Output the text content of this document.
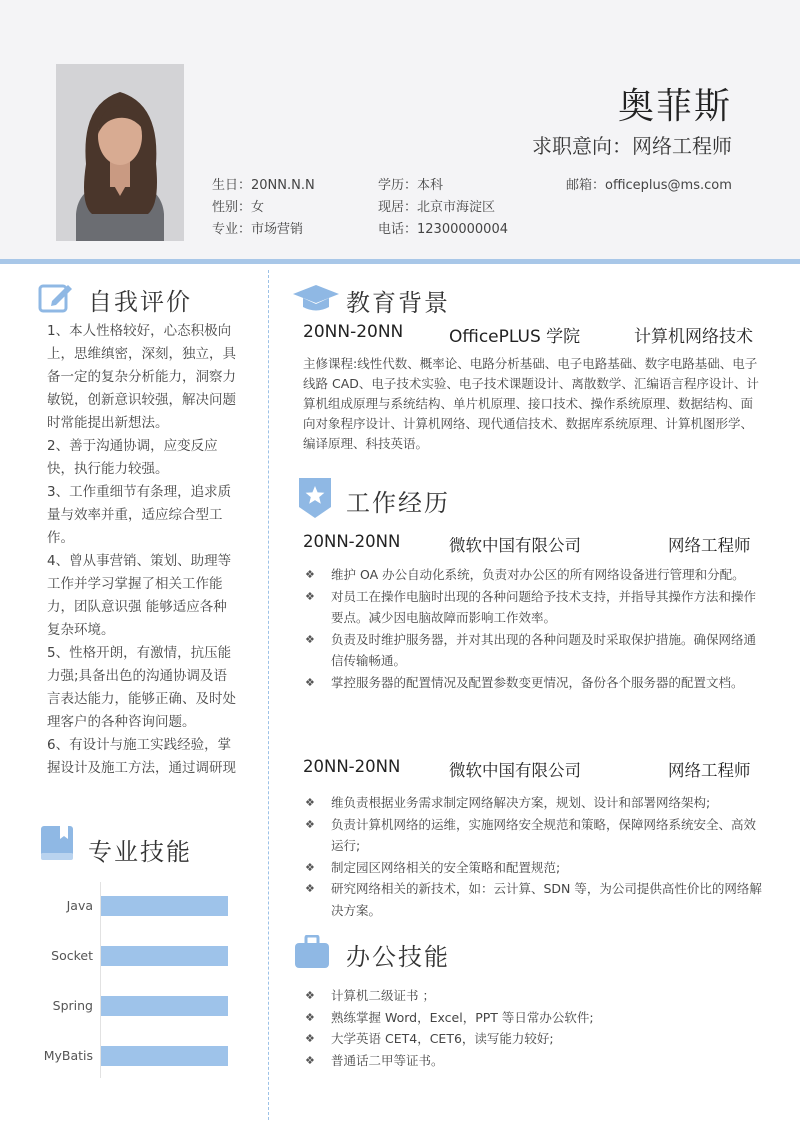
奥菲斯
求职意向：网络工程师
生日：20NN.N.N
性别：女
专业：市场营销
学历：本科
现居：北京市海淀区
电话：12300000004
邮箱：officeplus@ms.com
自我评价

1、本人性格较好，心态积极向上，思维缜密，深刻，独立，具备一定的复杂分析能力，洞察力敏锐，创新意识较强，解决问题时常能提出新想法。

2、善于沟通协调，应变反应快，执行能力较强。

3、工作重细节有条理，追求质量与效率并重，适应综合型工作。

4、曾从事营销、策划、助理等工作并学习掌握了相关工作能力，团队意识强 能够适应各种复杂环境。

5、性格开朗，有激情，抗压能力强;具备出色的沟通协调及语言表达能力，能够正确、及时处理客户的各种咨询问题。

6、有设计与施工实践经验，掌握设计及施工方法，通过调研现

专业技能
教育背景
20NN-20NN	OfficePLUS 学院	计算机网络技术
主修课程:线性代数、概率论、电路分析基础、电子电路基础、数字电路基础、电子线路 CAD、电子技术实验、电子技术课题设计、离散数学、汇编语言程序设计、计算机组成原理与系统结构、单片机原理、接口技术、操作系统原理、数据结构、面向对象程序设计、计算机网络、现代通信技术、数据库系统原理、计算机图形学、编译原理、科技英语。
工作经历
20NN-20NN	微软中国有限公司	网络工程师
❖ 维护 OA 办公自动化系统，负责对办公区的所有网络设备进行管理和分配。
❖ 对员工在操作电脑时出现的各种问题给予技术支持，并指导其操作方法和操作要点。减少因电脑故障而影响工作效率。
❖ 负责及时维护服务器，并对其出现的各种问题及时采取保护措施。确保网络通信传输畅通。
❖ 掌控服务器的配置情况及配置参数变更情况，备份各个服务器的配置文档。
20NN-20NN	微软中国有限公司	网络工程师
❖ 维负责根据业务需求制定网络解决方案，规划、设计和部署网络架构;
❖ 负责计算机网络的运维，实施网络安全规范和策略，保障网络系统安全、高效运行;
❖ 制定园区网络相关的安全策略和配置规范;
❖ 研究网络相关的新技术，如：云计算、SDN 等，为公司提供高性价比的网络解决方案。
办公技能
❖ 计算机二级证书 ；
❖ 熟练掌握 Word，Excel，PPT 等日常办公软件;
❖ 大学英语 CET4，CET6，读写能力较好;
❖ 普通话二甲等证书。
Java
Socket
Spring
MyBatis
